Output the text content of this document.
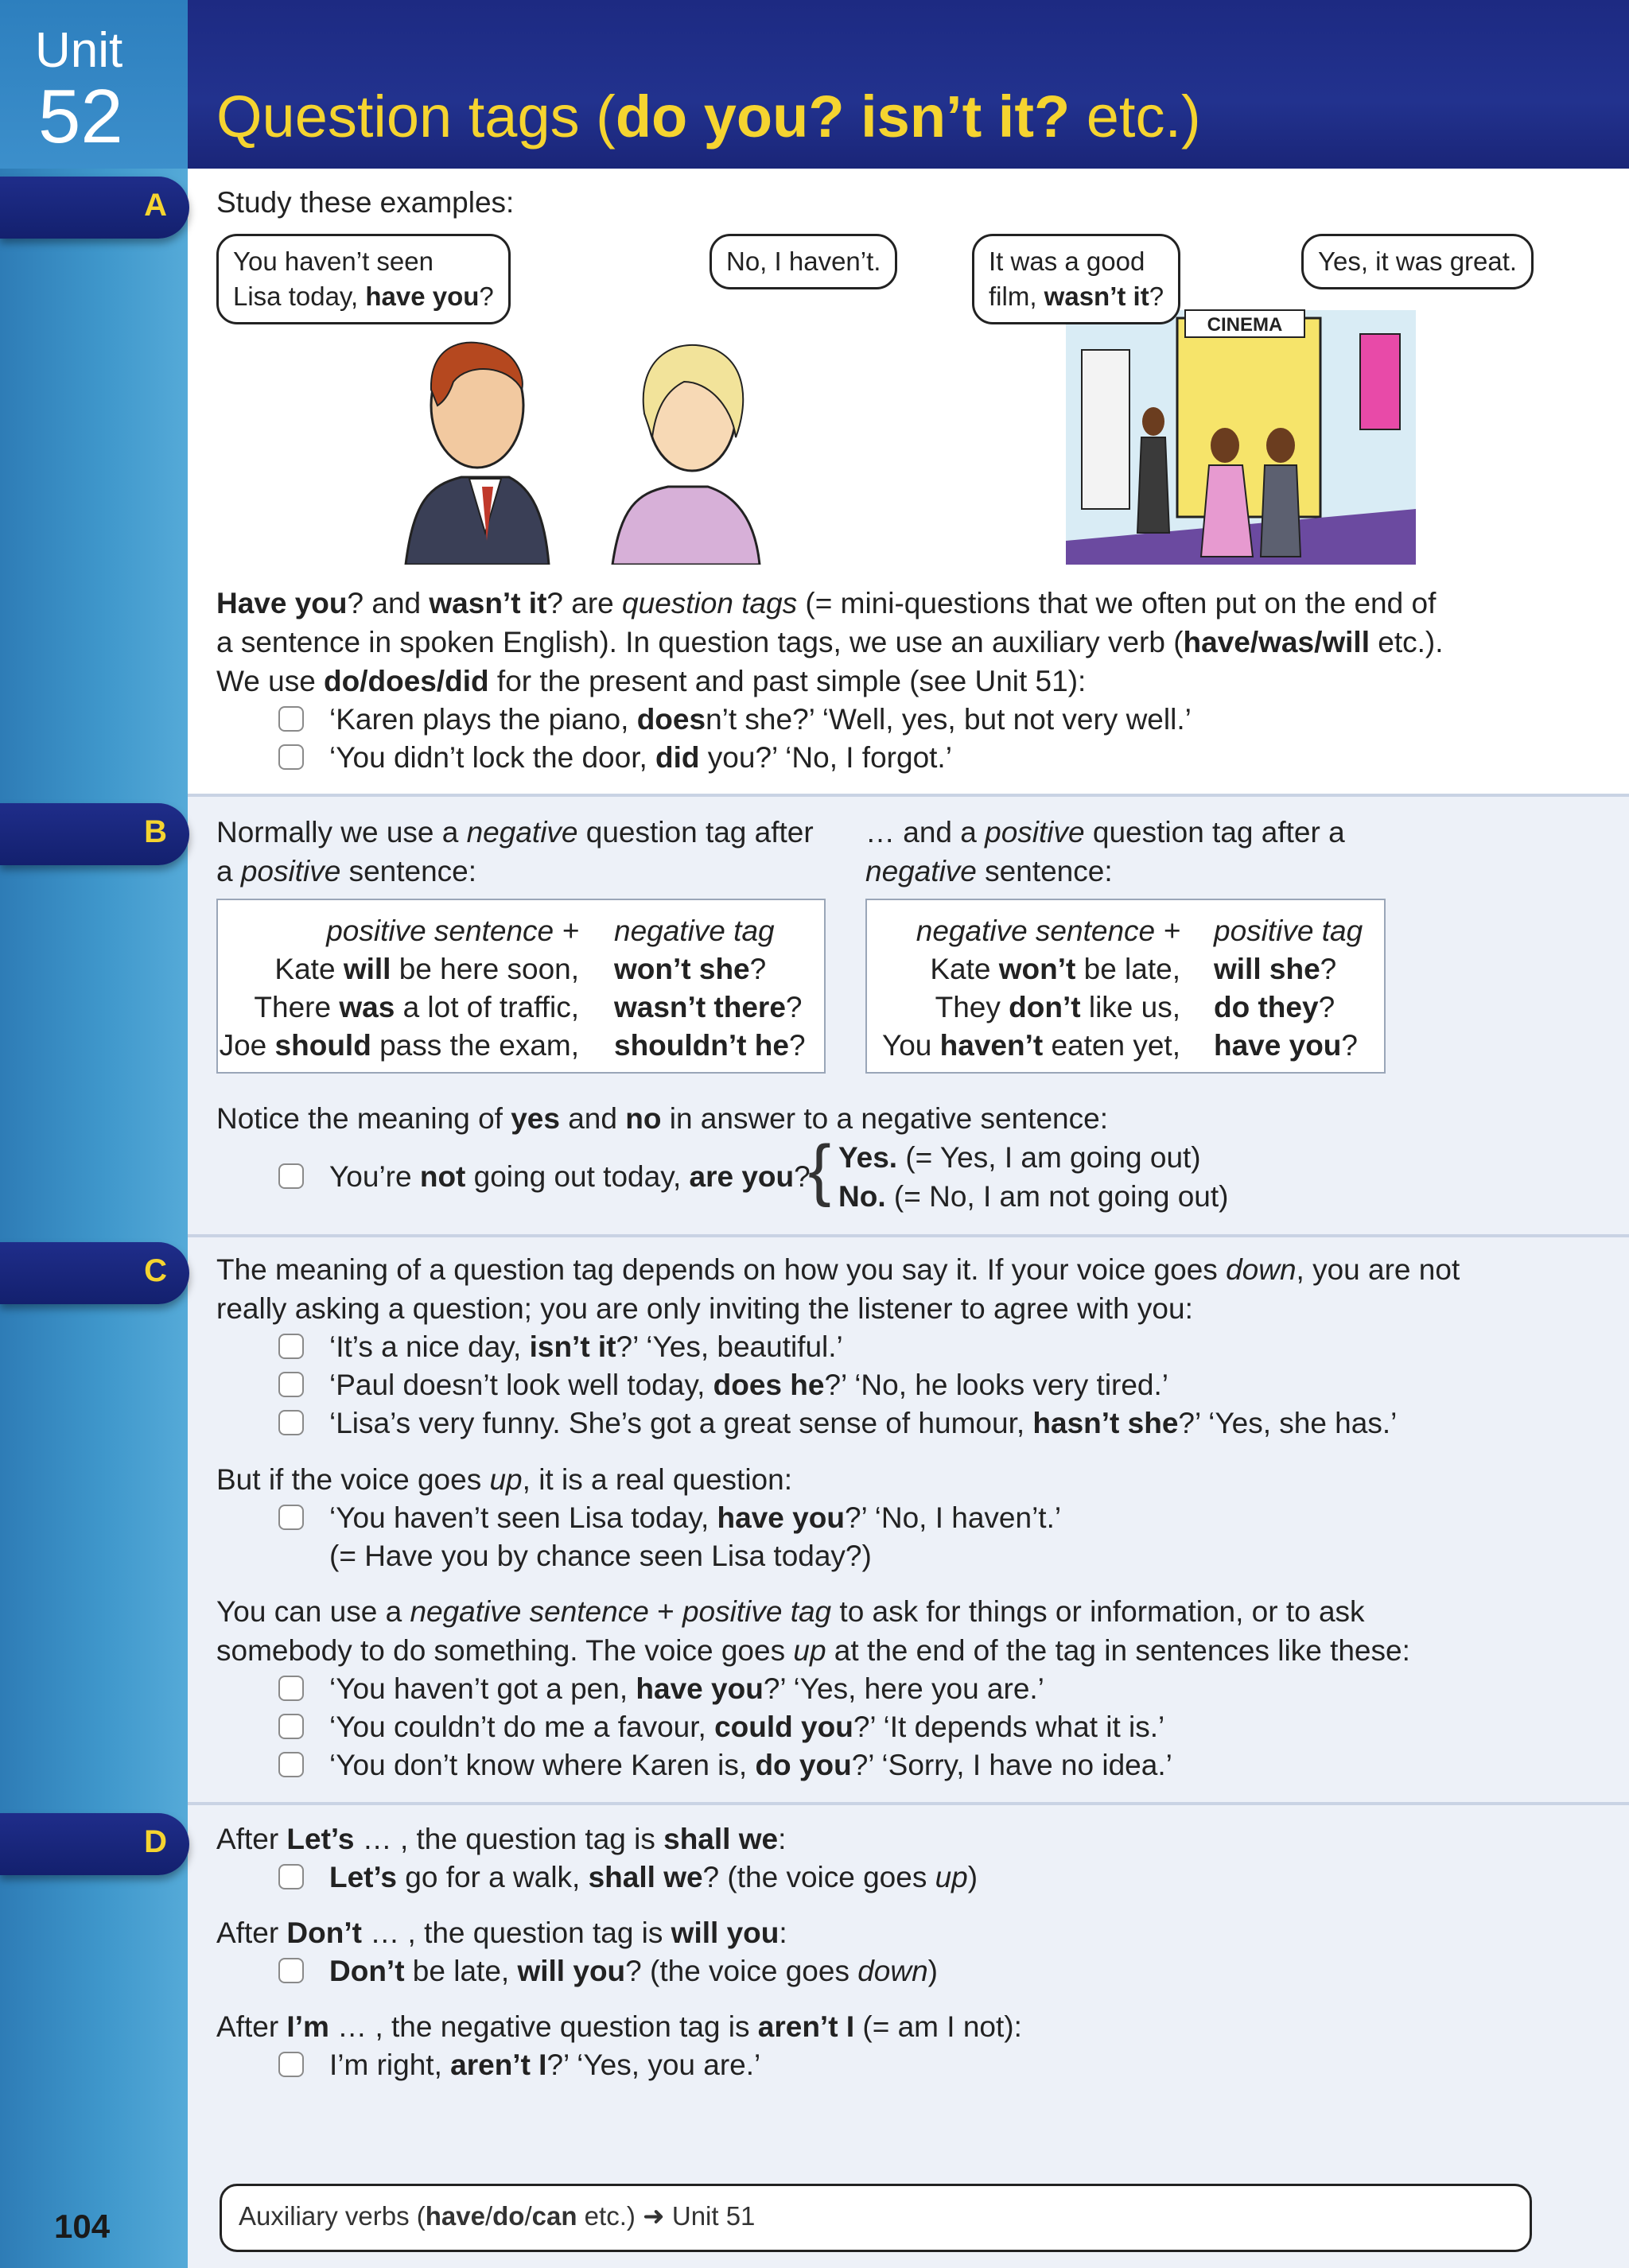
Unit
52 Question tags (do you? isn’t it? etc.)
A
B
C
D
Study these examples:
CINEMA
You haven’t seen
Lisa today, have you?
No, I haven’t.	It was a good
film, wasn’t it?
Yes, it was great.
Have you? and wasn’t it? are question tags (= mini-questions that we often put on the end of
a sentence in spoken English). In question tags, we use an auxiliary verb (have/was/will etc.).
We use do/does/did for the present and past simple (see Unit 51):
‘Karen plays the piano, doesn’t she?’ ‘Well, yes, but not very well.’
‘You didn’t lock the door, did you?’ ‘No, I forgot.’
Normally we use a negative question tag after
a positive sentence:
… and a positive question tag after a
negative sentence:
positive sentence + negative tag
Kate will be here soon, won’t she?
There was a lot of traffic, wasn’t there?
Joe should pass the exam, shouldn’t he?
negative sentence + positive tag
Kate won’t be late, will she?
They don’t like us, do they?
You haven’t eaten yet, have you?
Notice the meaning of yes and no in answer to a negative sentence:
You’re not going out today, are you?
{ Yes. (= Yes, I am going out)
No. (= No, I am not going out)
The meaning of a question tag depends on how you say it. If your voice goes down, you are not
really asking a question; you are only inviting the listener to agree with you:
‘It’s a nice day, isn’t it?’ ‘Yes, beautiful.’
‘Paul doesn’t look well today, does he?’ ‘No, he looks very tired.’
‘Lisa’s very funny. She’s got a great sense of humour, hasn’t she?’ ‘Yes, she has.’
But if the voice goes up, it is a real question:
‘You haven’t seen Lisa today, have you?’ ‘No, I haven’t.’
(= Have you by chance seen Lisa today?)
You can use a negative sentence + positive tag to ask for things or information, or to ask
somebody to do something. The voice goes up at the end of the tag in sentences like these:
‘You haven’t got a pen, have you?’ ‘Yes, here you are.’
‘You couldn’t do me a favour, could you?’ ‘It depends what it is.’
‘You don’t know where Karen is, do you?’ ‘Sorry, I have no idea.’
After Let’s … , the question tag is shall we:
Let’s go for a walk, shall we? (the voice goes up)
After Don’t … , the question tag is will you:
Don’t be late, will you? (the voice goes down)
After I’m … , the negative question tag is aren’t I (= am I not):
I’m right, aren’t I?’ ‘Yes, you are.’
104	Auxiliary verbs (have/do/can etc.) ➜ Unit 51
